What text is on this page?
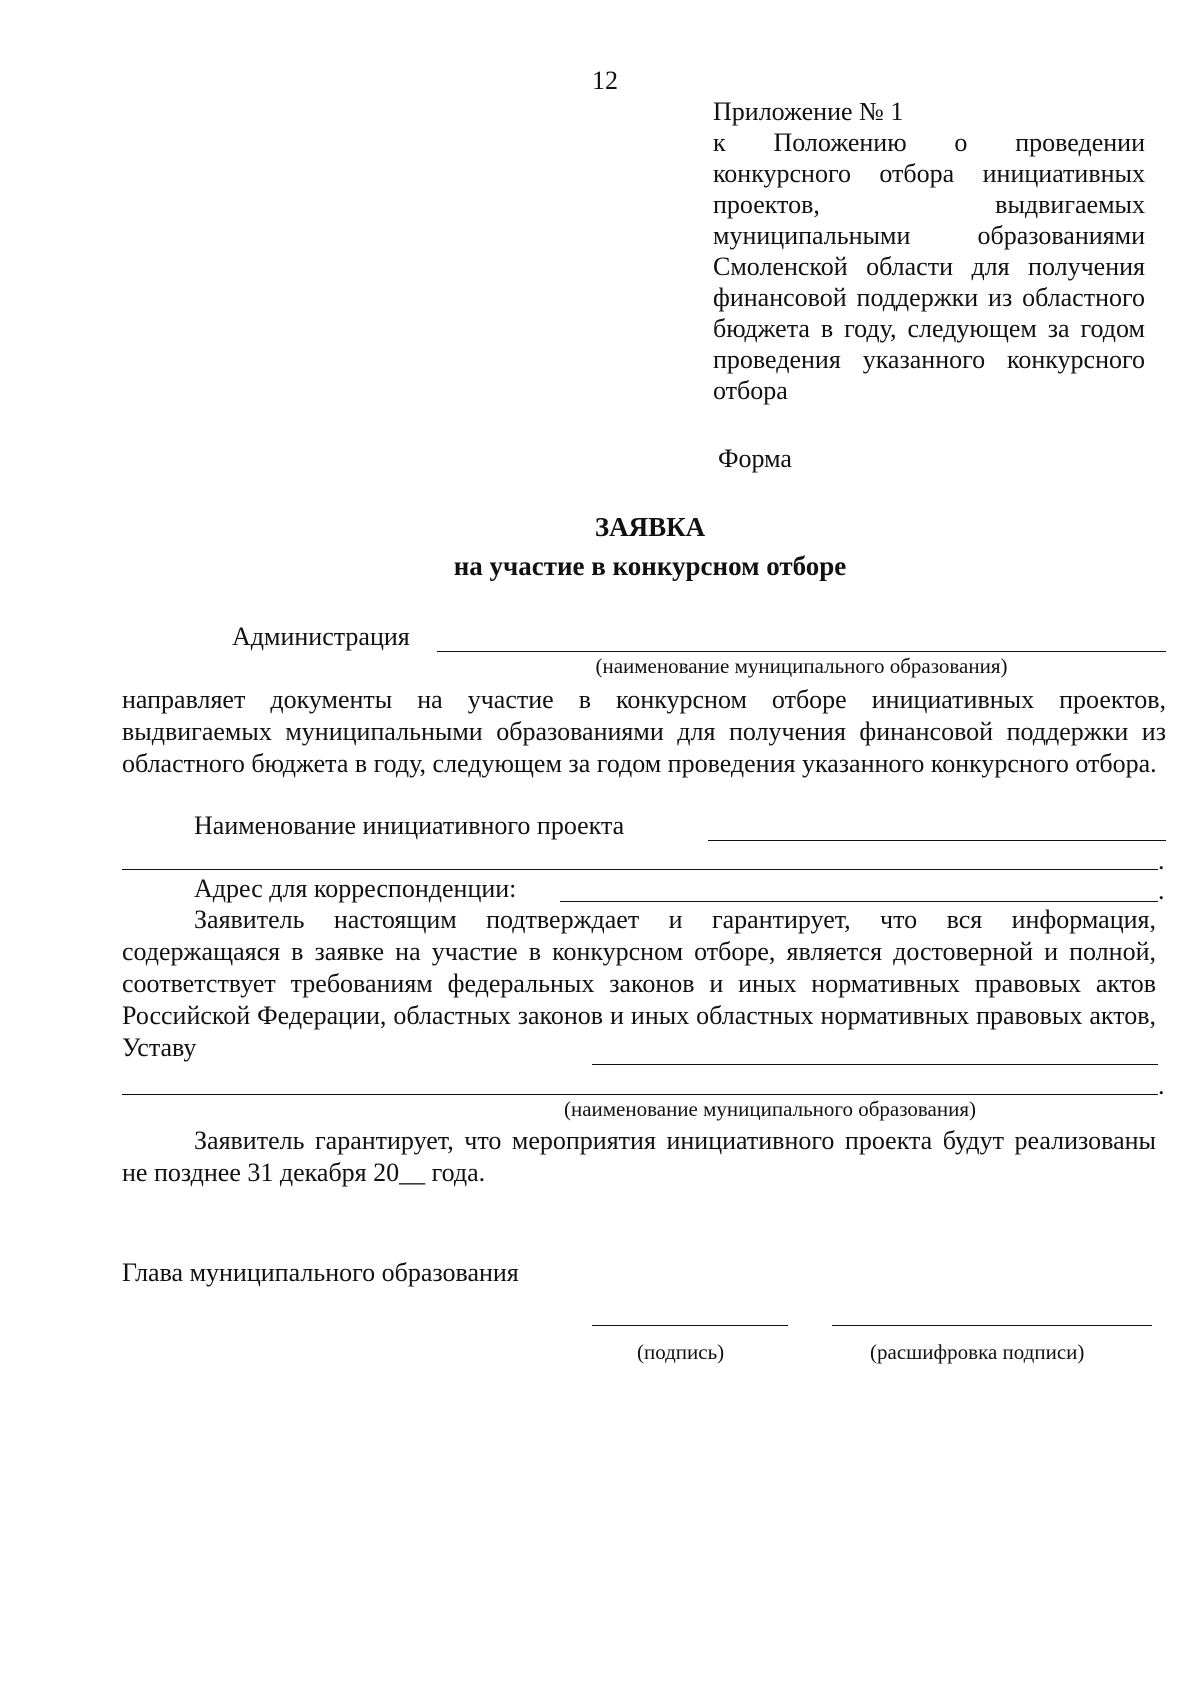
12
Приложение № 1
к Положению о проведении конкурсного отбора инициативных проектов, выдвигаемых муниципальными образованиями Смоленской области для получения финансовой поддержки из областного бюджета в году, следующем за годом проведения указанного конкурсного отбора
Форма
ЗАЯВКА
на участие в конкурсном отборе
Администрация
(наименование муниципального образования)
направляет документы на участие в конкурсном отборе инициативных проектов, выдвигаемых муниципальными образованиями для получения финансовой поддержки из областного бюджета в году, следующем за годом проведения указанного конкурсного отбора.
Наименование инициативного проекта
.
Адрес для корреспонденции:	.
Заявитель настоящим подтверждает и гарантирует, что вся информация, содержащаяся в заявке на участие в конкурсном отборе, является достоверной и полной, соответствует требованиям федеральных законов и иных нормативных правовых актов Российской Федерации, областных законов и иных областных нормативных правовых актов, Уставу
.
(наименование муниципального образования)
Заявитель гарантирует, что мероприятия инициативного проекта будут реализованы не позднее 31 декабря 20__ года.
Глава муниципального образования
(подпись)	(расшифровка подписи)
